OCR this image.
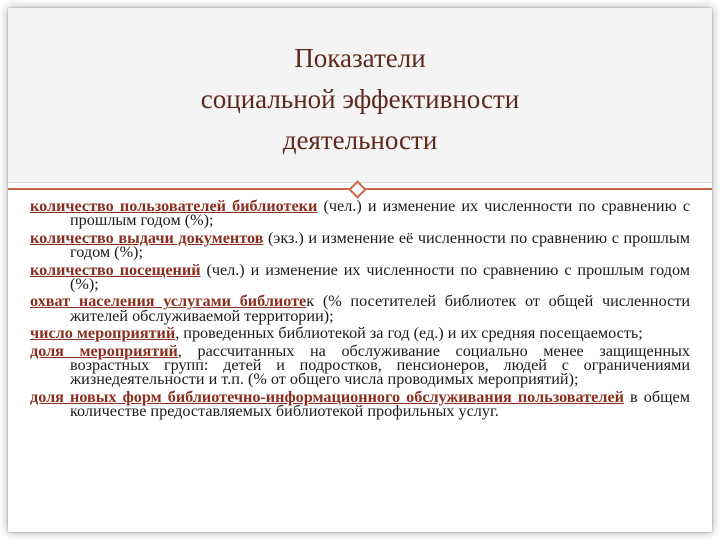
Показатели
социальной эффективности
деятельности
количество пользователей библиотеки (чел.) и изменение их численности по сравнению с прошлым годом (%);
количество выдачи документов (экз.) и изменение её численности по сравнению с прошлым годом (%);
количество посещений (чел.) и изменение их численности по сравнению с прошлым годом (%);
охват населения услугами библиотек (% посетителей библиотек от общей численности жителей обслуживаемой территории);
число мероприятий, проведенных библиотекой за год (ед.) и их средняя посещаемость;
доля мероприятий, рассчитанных на обслуживание социально менее защищенных возрастных групп: детей и подростков, пенсионеров, людей с ограничениями жизнедеятельности и т.п. (% от общего числа проводимых мероприятий);
доля новых форм библиотечно-информационного обслуживания пользователей в общем количестве предоставляемых библиотекой профильных услуг.
